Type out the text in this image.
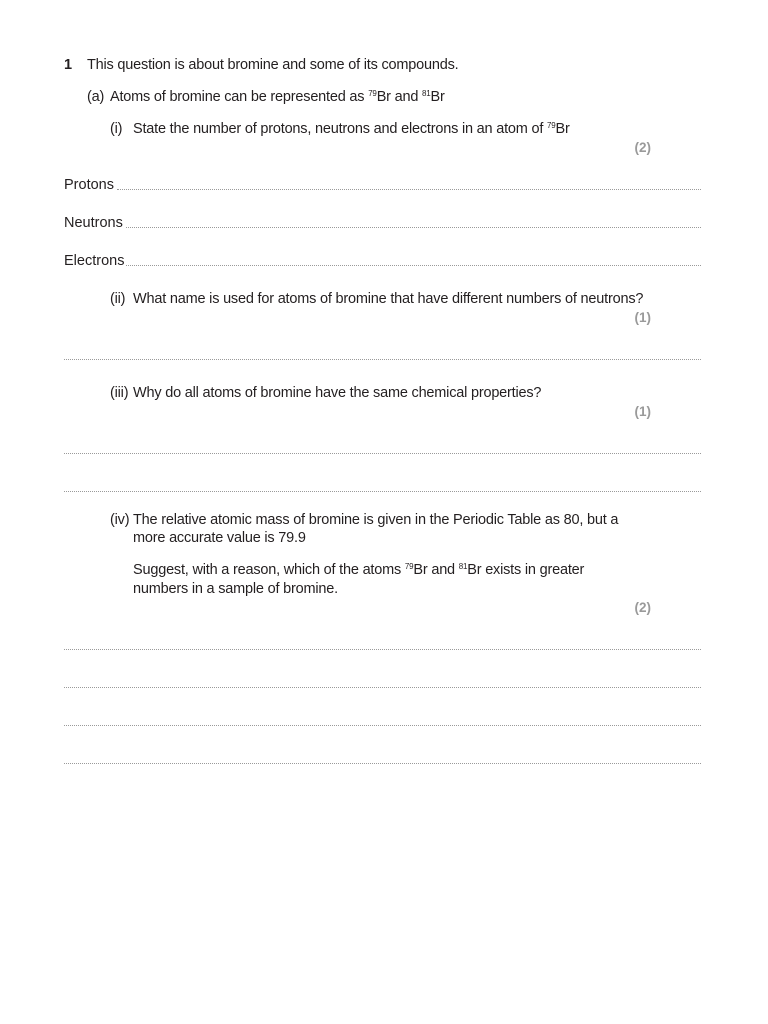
1 This question is about bromine and some of its compounds.
(a) Atoms of bromine can be represented as $^{79}$Br and $^{81}$Br
(i) State the number of protons, neutrons and electrons in an atom of $^{79}$Br
(2)
Protons
Neutrons
Electrons
(ii) What name is used for atoms of bromine that have different numbers of neutrons?
(1)
(iii) Why do all atoms of bromine have the same chemical properties?
(1)
(iv) The relative atomic mass of bromine is given in the Periodic Table as 80, but a
more accurate value is 79.9
Suggest, with a reason, which of the atoms $^{79}$Br and $^{81}$Br exists in greater
numbers in a sample of bromine.
(2)
